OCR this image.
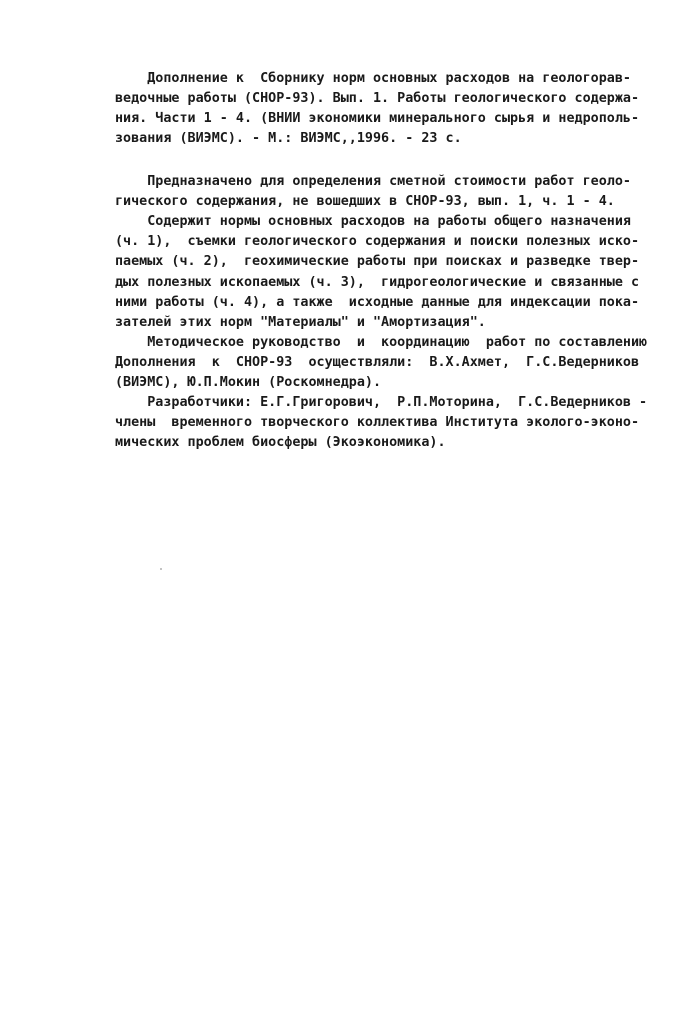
Дополнение к  Сборнику норм основных расходов на геологорав-
ведочные работы (СНОР-93). Вып. 1. Работы геологического содержа-
ния. Части 1 - 4. (ВНИИ экономики минерального сырья и недрополь-
зования (ВИЭМС). - М.: ВИЭМС,,1996. - 23 с.
Предназначено для определения сметной стоимости работ геоло-
гического содержания, не вошедших в СНОР-93, вып. 1, ч. 1 - 4.
Содержит нормы основных расходов на работы общего назначения
(ч. 1),  съемки геологического содержания и поиски полезных иско-
паемых (ч. 2),  геохимические работы при поисках и разведке твер-
дых полезных ископаемых (ч. 3),  гидрогеологические и связанные с
ними работы (ч. 4), а также  исходные данные для индексации пока-
зателей этих норм "Материалы" и "Амортизация".
Методическое руководство  и  координацию  работ по составлению
Дополнения  к  СНОР-93  осуществляли:  В.Х.Ахмет,  Г.С.Ведерников
(ВИЭМС), Ю.П.Мокин (Роскомнедра).
Разработчики: Е.Г.Григорович,  Р.П.Моторина,  Г.С.Ведерников -
члены  временного творческого коллектива Института эколого-эконо-
мических проблем биосферы (Экоэкономика).
